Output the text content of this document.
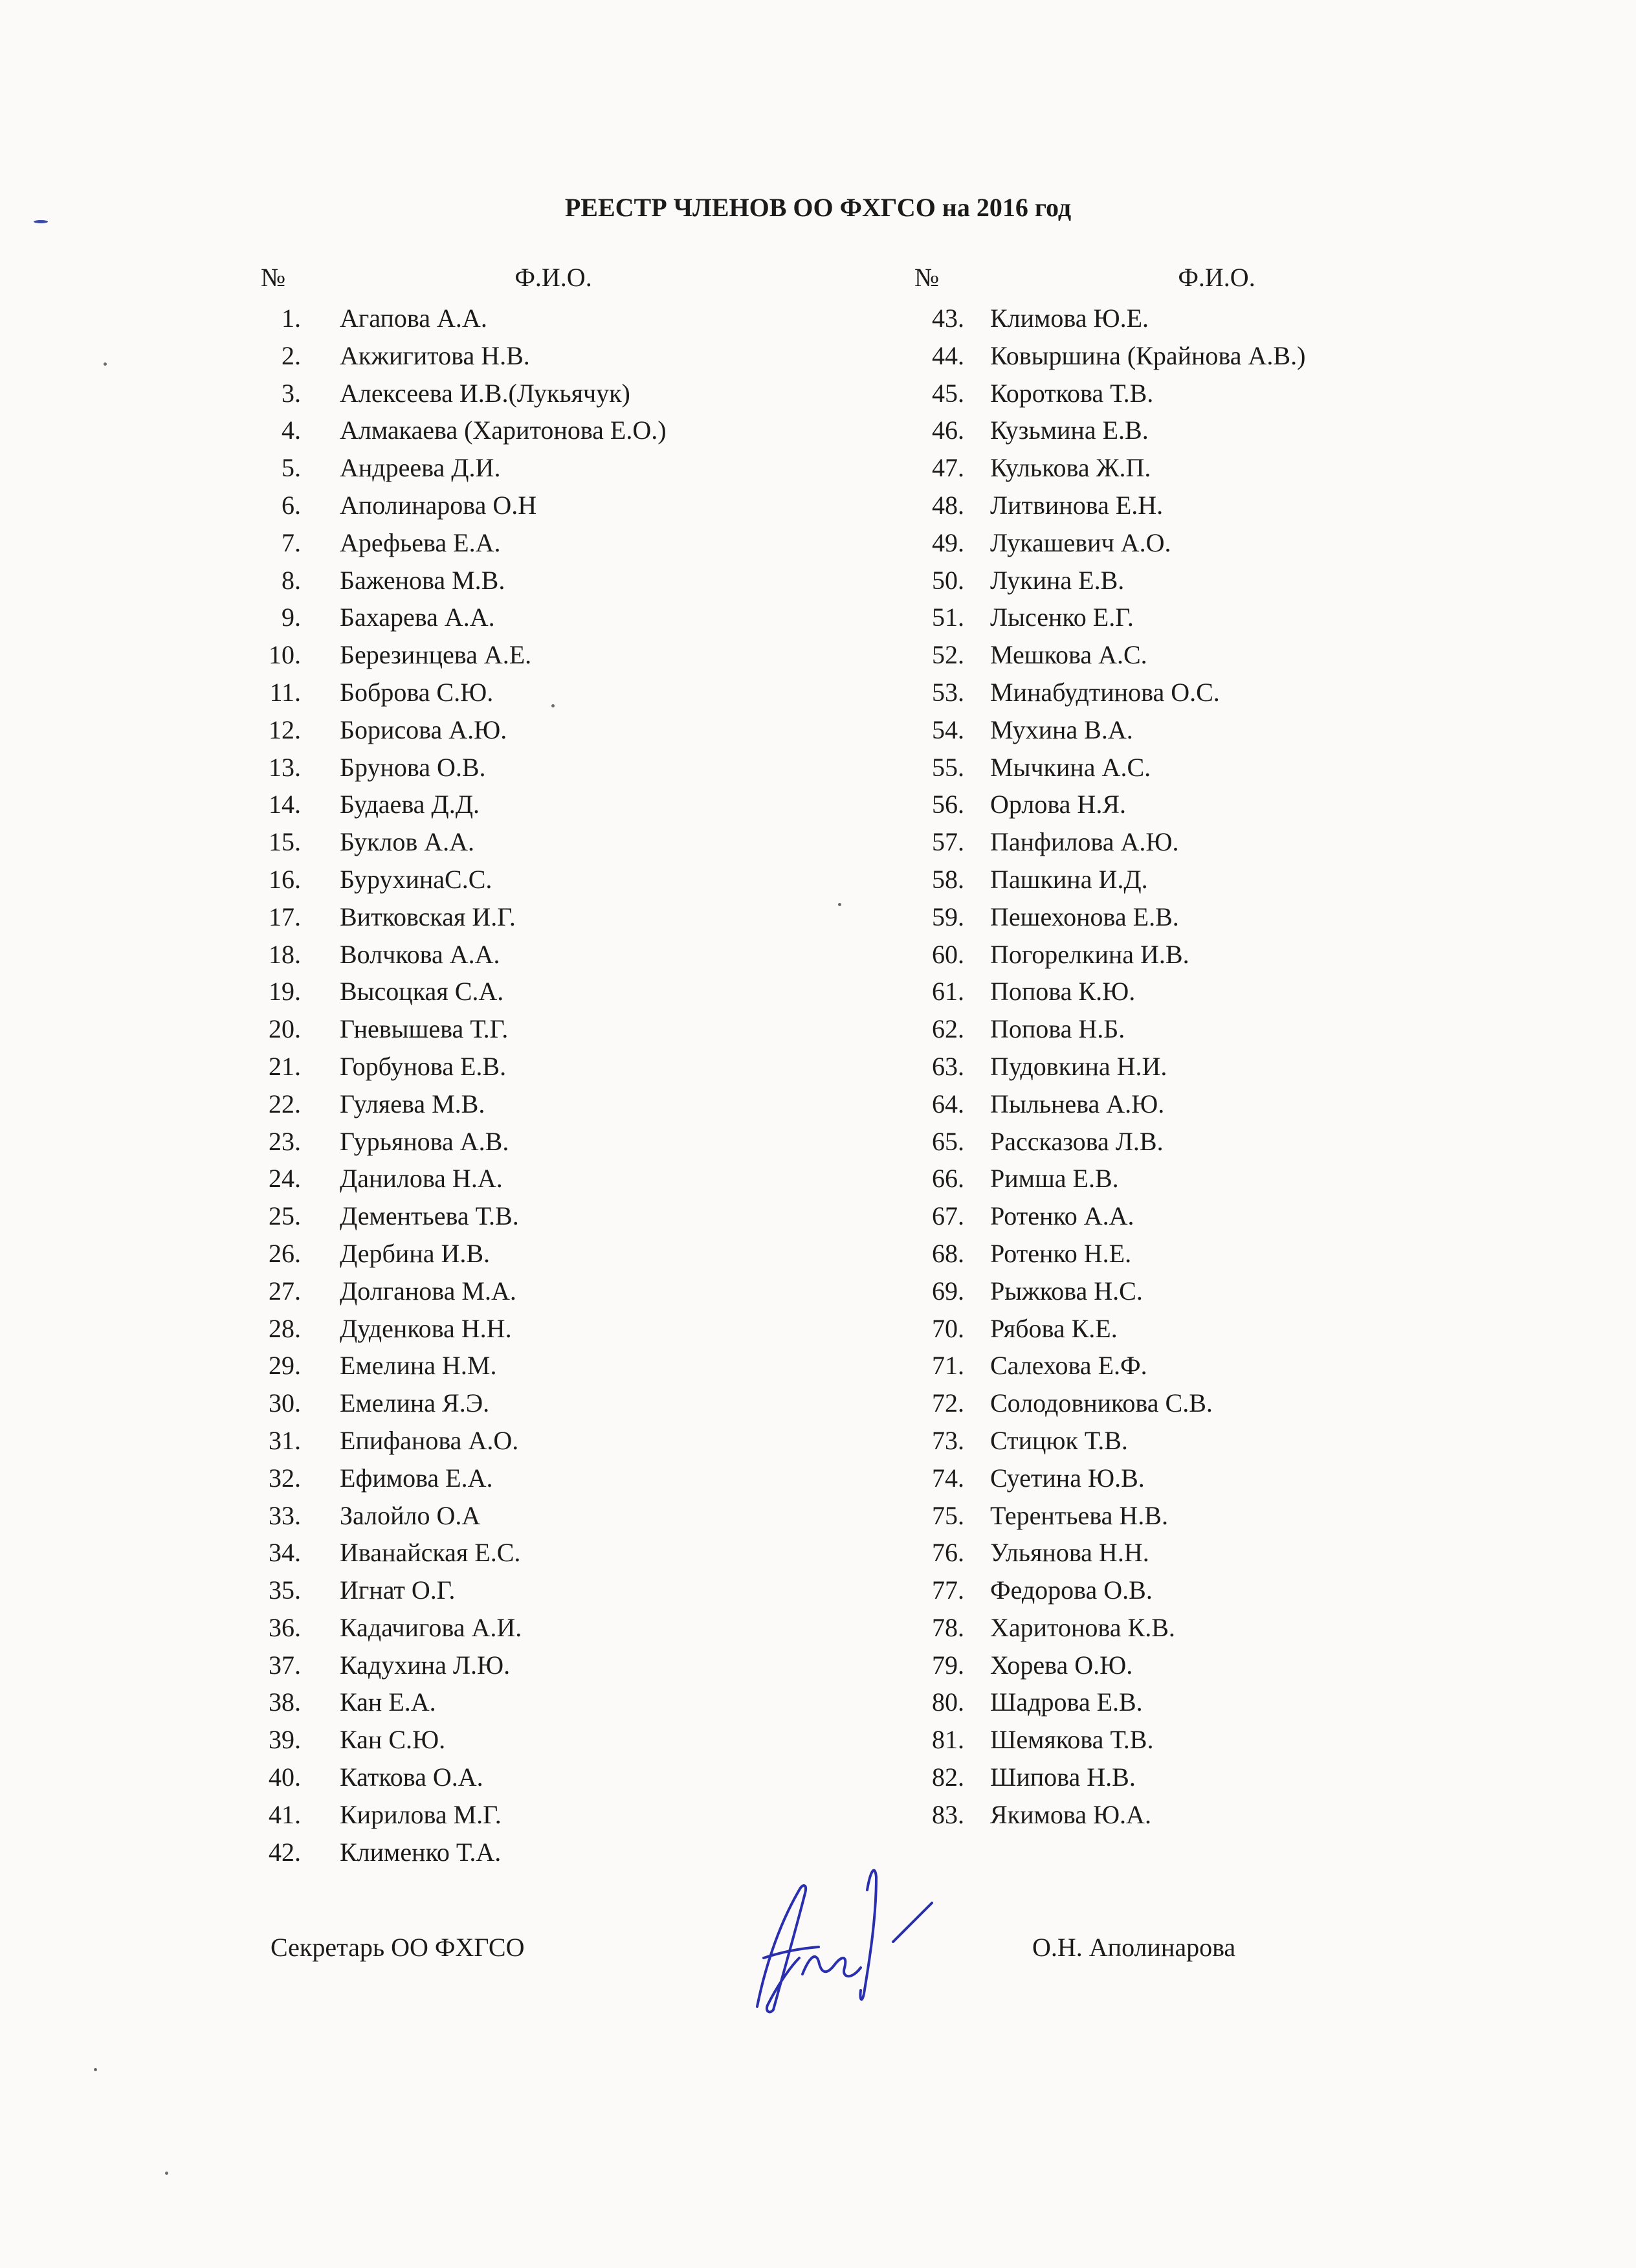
РЕЕСТР ЧЛЕНОВ ОО ФХГСО на 2016 год
№	Ф.И.О.
1. Агапова А.А.
2. Акжигитова Н.В.
3. Алексеева И.В.(Лукьячук)
4. Алмакаева (Харитонова Е.О.)
5. Андреева Д.И.
6. Аполинарова О.Н
7. Арефьева Е.А.
8. Баженова М.В.
9. Бахарева А.А.
10. Березинцева А.Е.
11. Боброва С.Ю.
12. Борисова А.Ю.
13. Брунова О.В.
14. Будаева Д.Д.
15. Буклов А.А.
16. БурухинаС.С.
17. Витковская И.Г.
18. Волчкова А.А.
19. Высоцкая С.А.
20. Гневышева Т.Г.
21. Горбунова Е.В.
22. Гуляева М.В.
23. Гурьянова А.В.
24. Данилова Н.А.
25. Дементьева Т.В.
26. Дербина И.В.
27. Долганова М.А.
28. Дуденкова Н.Н.
29. Емелина Н.М.
30. Емелина Я.Э.
31. Епифанова А.О.
32. Ефимова Е.А.
33. Залойло О.А
34. Иванайская Е.С.
35. Игнат О.Г.
36. Кадачигова А.И.
37. Кадухина Л.Ю.
38. Кан Е.А.
39. Кан С.Ю.
40. Каткова О.А.
41. Кирилова М.Г.
42. Клименко Т.А.
№	Ф.И.О.
43. Климова Ю.Е.
44. Ковыршина (Крайнова А.В.)
45. Короткова Т.В.
46. Кузьмина Е.В.
47. Кулькова Ж.П.
48. Литвинова Е.Н.
49. Лукашевич А.О.
50. Лукина Е.В.
51. Лысенко Е.Г.
52. Мешкова А.С.
53. Минабудтинова О.С.
54. Мухина В.А.
55. Мычкина А.С.
56. Орлова Н.Я.
57. Панфилова А.Ю.
58. Пашкина И.Д.
59. Пешехонова Е.В.
60. Погорелкина И.В.
61. Попова К.Ю.
62. Попова Н.Б.
63. Пудовкина Н.И.
64. Пыльнева А.Ю.
65. Рассказова Л.В.
66. Римша Е.В.
67. Ротенко А.А.
68. Ротенко Н.Е.
69. Рыжкова Н.С.
70. Рябова К.Е.
71. Салехова Е.Ф.
72. Солодовникова С.В.
73. Стицюк Т.В.
74. Суетина Ю.В.
75. Терентьева Н.В.
76. Ульянова Н.Н.
77. Федорова О.В.
78. Харитонова К.В.
79. Хорева О.Ю.
80. Шадрова Е.В.
81. Шемякова Т.В.
82. Шипова Н.В.
83. Якимова Ю.А.
Секретарь ОО ФХГСО	О.Н. Аполинарова
